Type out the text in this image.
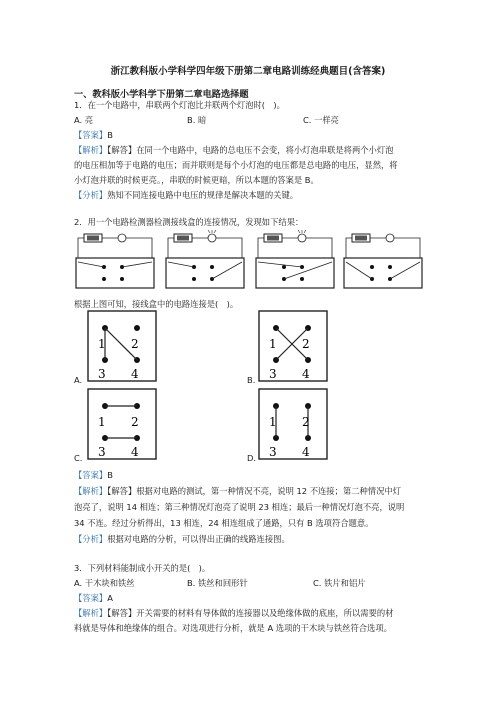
浙江教科版小学科学四年级下册第二章电路训练经典题目(含答案)
一、教科版小学科学下册第二章电路选择题
1．在一个电路中，串联两个灯泡比并联两个灯泡时(　)。
A. 亮	B. 暗	C. 一样亮
【答案】B
【解析】【解答】在同一个电路中，电路的总电压不会变，将小灯泡串联是将两个小灯泡
的电压相加等于电路的电压；而并联则是每个小灯泡的电压都是总电路的电压，显然，将
小灯泡并联的时候更亮。，串联的时候更暗，所以本题的答案是 B。
【分析】熟知不同连接电路中电压的规律是解决本题的关键。
2．用一个电路检测器检测接线盒的连接情况，发现如下结果：
根据上图可知，接线盒中的电路连接是(　)。
A.
1 2
3 4	B.
1 2
3 4
C.
1 2
3 4	D.
1 2
3 4
【答案】B
【解析】【解答】根据对电路的测试，第一种情况不亮，说明 12 不连接；第二种情况中灯
泡亮了，说明 14 相连；第三种情况灯泡亮了说明 23 相连；最后一种情况灯泡不亮，说明
34 不连。经过分析得出，13 相连，24 相连组成了通路，只有 B 选项符合题意。
【分析】根据对电路的分析，可以得出正确的线路连接图。
3．下列材料能制成小开关的是(　)。
A. 干木块和铁丝	B. 铁丝和回形针	C. 铁片和铝片
【答案】A
【解析】【解答】开关需要的材料有导体做的连接器以及绝缘体做的底座，所以需要的材
料就是导体和绝缘体的组合。对选项进行分析，就是 A 选项的干木块与铁丝符合选项。
